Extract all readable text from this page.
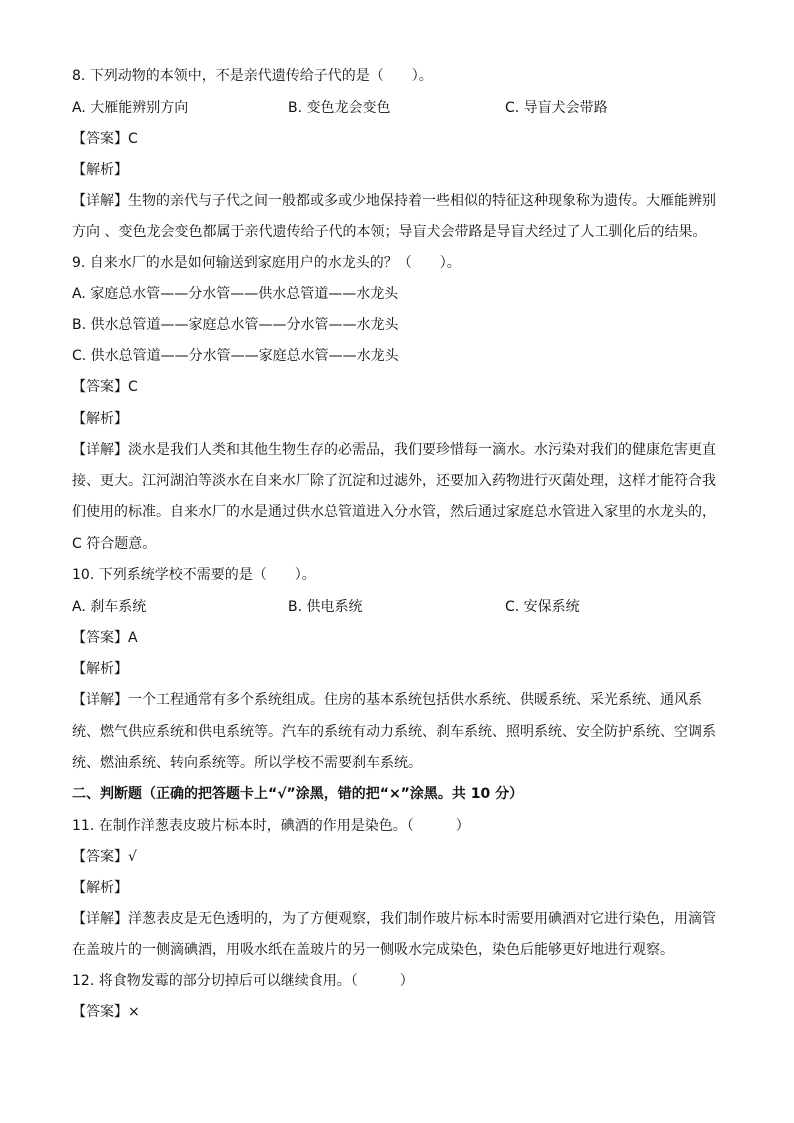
8. 下列动物的本领中，不是亲代遗传给子代的是（　　）。
A. 大雁能辨别方向	B. 变色龙会变色	C. 导盲犬会带路
【答案】C
【解析】
【详解】生物的亲代与子代之间一般都或多或少地保持着一些相似的特征这种现象称为遗传。大雁能辨别
方向 、变色龙会变色都属于亲代遗传给子代的本领；导盲犬会带路是导盲犬经过了人工驯化后的结果。
9. 自来水厂的水是如何输送到家庭用户的水龙头的？（　　）。
A. 家庭总水管——分水管——供水总管道——水龙头
B. 供水总管道——家庭总水管——分水管——水龙头
C. 供水总管道——分水管——家庭总水管——水龙头
【答案】C
【解析】
【详解】淡水是我们人类和其他生物生存的必需品，我们要珍惜每一滴水。水污染对我们的健康危害更直
接、更大。江河湖泊等淡水在自来水厂除了沉淀和过滤外，还要加入药物进行灭菌处理，这样才能符合我
们使用的标准。自来水厂的水是通过供水总管道进入分水管，然后通过家庭总水管进入家里的水龙头的，
C 符合题意。
10. 下列系统学校不需要的是（　　）。
A. 刹车系统	B. 供电系统	C. 安保系统
【答案】A
【解析】
【详解】一个工程通常有多个系统组成。住房的基本系统包括供水系统、供暖系统、采光系统、通风系
统、燃气供应系统和供电系统等。汽车的系统有动力系统、刹车系统、照明系统、安全防护系统、空调系
统、燃油系统、转向系统等。所以学校不需要刹车系统。
二、判断题（正确的把答题卡上“√”涂黑，错的把“×”涂黑。共 10 分）
11. 在制作洋葱表皮玻片标本时，碘酒的作用是染色。（　　　）
【答案】√
【解析】
【详解】洋葱表皮是无色透明的，为了方便观察，我们制作玻片标本时需要用碘酒对它进行染色，用滴管
在盖玻片的一侧滴碘酒，用吸水纸在盖玻片的另一侧吸水完成染色，染色后能够更好地进行观察。
12. 将食物发霉的部分切掉后可以继续食用。（　　　）
【答案】×
